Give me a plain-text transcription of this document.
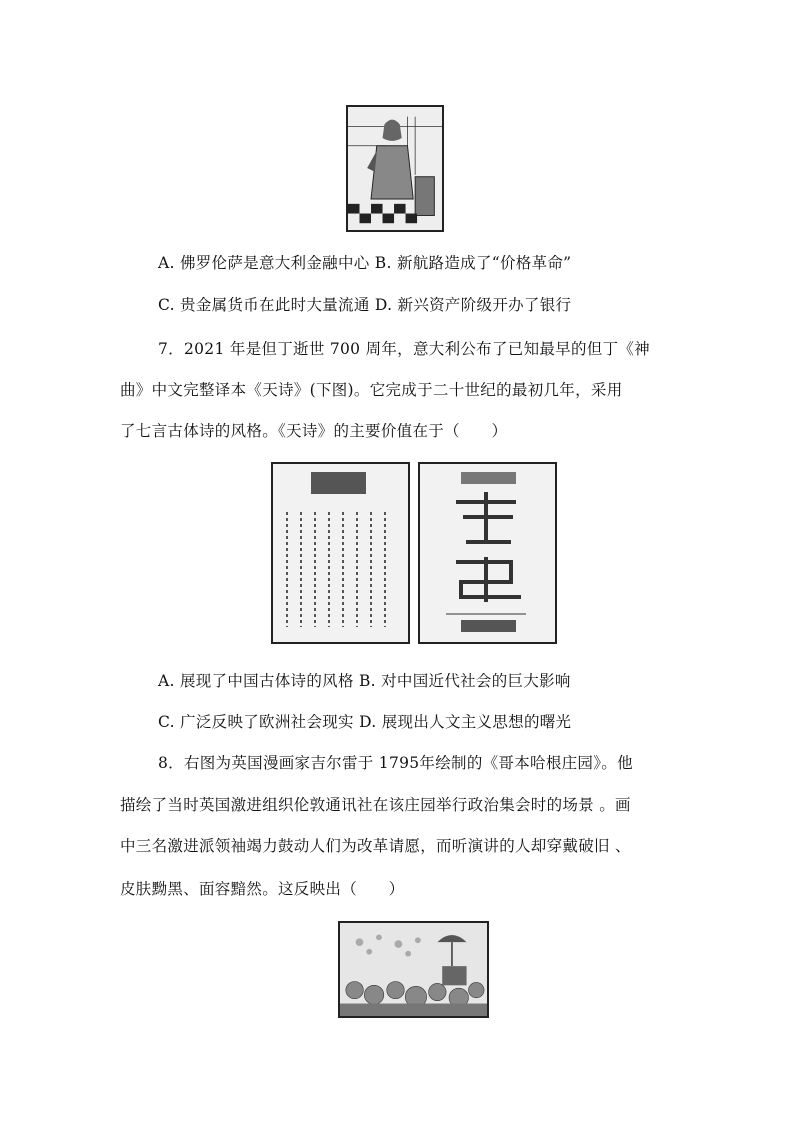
A. 佛罗伦萨是意大利金融中心 B. 新航路造成了“价格革命”
C. 贵金属货币在此时大量流通 D. 新兴资产阶级开办了银行
7．2021 年是但丁逝世 700 周年，意大利公布了已知最早的但丁《神
曲》中文完整译本《天诗》(下图)。它完成于二十世纪的最初几年，采用
了七言古体诗的风格。《天诗》的主要价值在于（　　）
A. 展现了中国古体诗的风格 B. 对中国近代社会的巨大影响
C. 广泛反映了欧洲社会现实 D. 展现出人文主义思想的曙光
8．右图为英国漫画家吉尔雷于 1795年绘制的《哥本哈根庄园》。他
描绘了当时英国激进组织伦敦通讯社在该庄园举行政治集会时的场景 。画
中三名激进派领袖竭力鼓动人们为改革请愿，而听演讲的人却穿戴破旧 、
皮肤黝黑、面容黯然。这反映出（　　）
